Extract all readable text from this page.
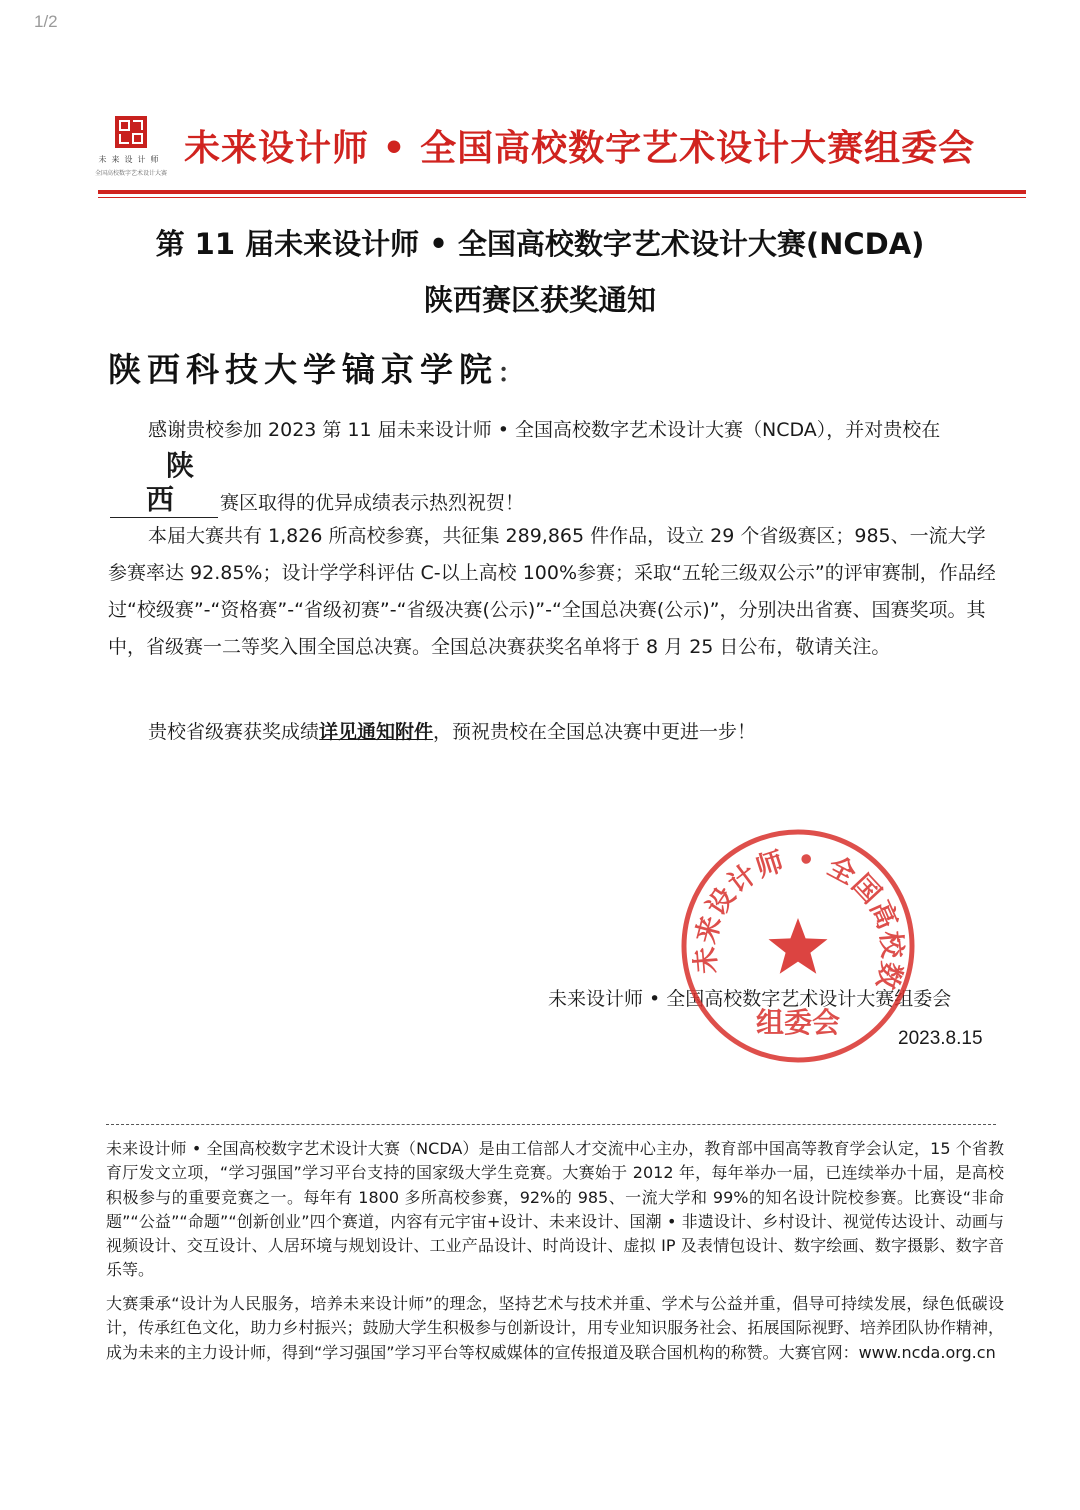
1/2
未来设计师
全国高校数字艺术设计大赛
未来设计师 • 全国高校数字艺术设计大赛组委会
第 11 届未来设计师 • 全国高校数字艺术设计大赛(NCDA)
陕西赛区获奖通知
陕西科技大学镐京学院:
感谢贵校参加 2023 第 11 届未来设计师 • 全国高校数字艺术设计大赛（NCDA），并对贵校在陕西 赛区取得的优异成绩表示热烈祝贺！
本届大赛共有 1,826 所高校参赛，共征集 289,865 件作品，设立 29 个省级赛区；985、一流大学参赛率达 92.85%；设计学学科评估 C-以上高校 100%参赛；采取“五轮三级双公示”的评审赛制，作品经过“校级赛”-“资格赛”-“省级初赛”-“省级决赛(公示)”-“全国总决赛(公示)”，分别决出省赛、国赛奖项。其中，省级赛一二等奖入围全国总决赛。全国总决赛获奖名单将于 8 月 25 日公布，敬请关注。
贵校省级赛获奖成绩详见通知附件，预祝贵校在全国总决赛中更进一步！
未来设计师 • 全国高校数字艺术设计大赛组委会
2023.8.15
未来设计师 • 全国高校数
组委会
未来设计师 • 全国高校数字艺术设计大赛（NCDA）是由工信部人才交流中心主办，教育部中国高等教育学会认定，15 个省教育厅发文立项，“学习强国”学习平台支持的国家级大学生竞赛。大赛始于 2012 年，每年举办一届，已连续举办十届，是高校积极参与的重要竞赛之一。每年有 1800 多所高校参赛，92%的 985、一流大学和 99%的知名设计院校参赛。比赛设“非命题”“公益”“命题”“创新创业”四个赛道，内容有元宇宙+设计、未来设计、国潮 • 非遗设计、乡村设计、视觉传达设计、动画与视频设计、交互设计、人居环境与规划设计、工业产品设计、时尚设计、虚拟 IP 及表情包设计、数字绘画、数字摄影、数字音乐等。
大赛秉承“设计为人民服务，培养未来设计师”的理念，坚持艺术与技术并重、学术与公益并重，倡导可持续发展，绿色低碳设计，传承红色文化，助力乡村振兴；鼓励大学生积极参与创新设计，用专业知识服务社会、拓展国际视野、培养团队协作精神，成为未来的主力设计师，得到“学习强国”学习平台等权威媒体的宣传报道及联合国机构的称赞。大赛官网：www.ncda.org.cn
